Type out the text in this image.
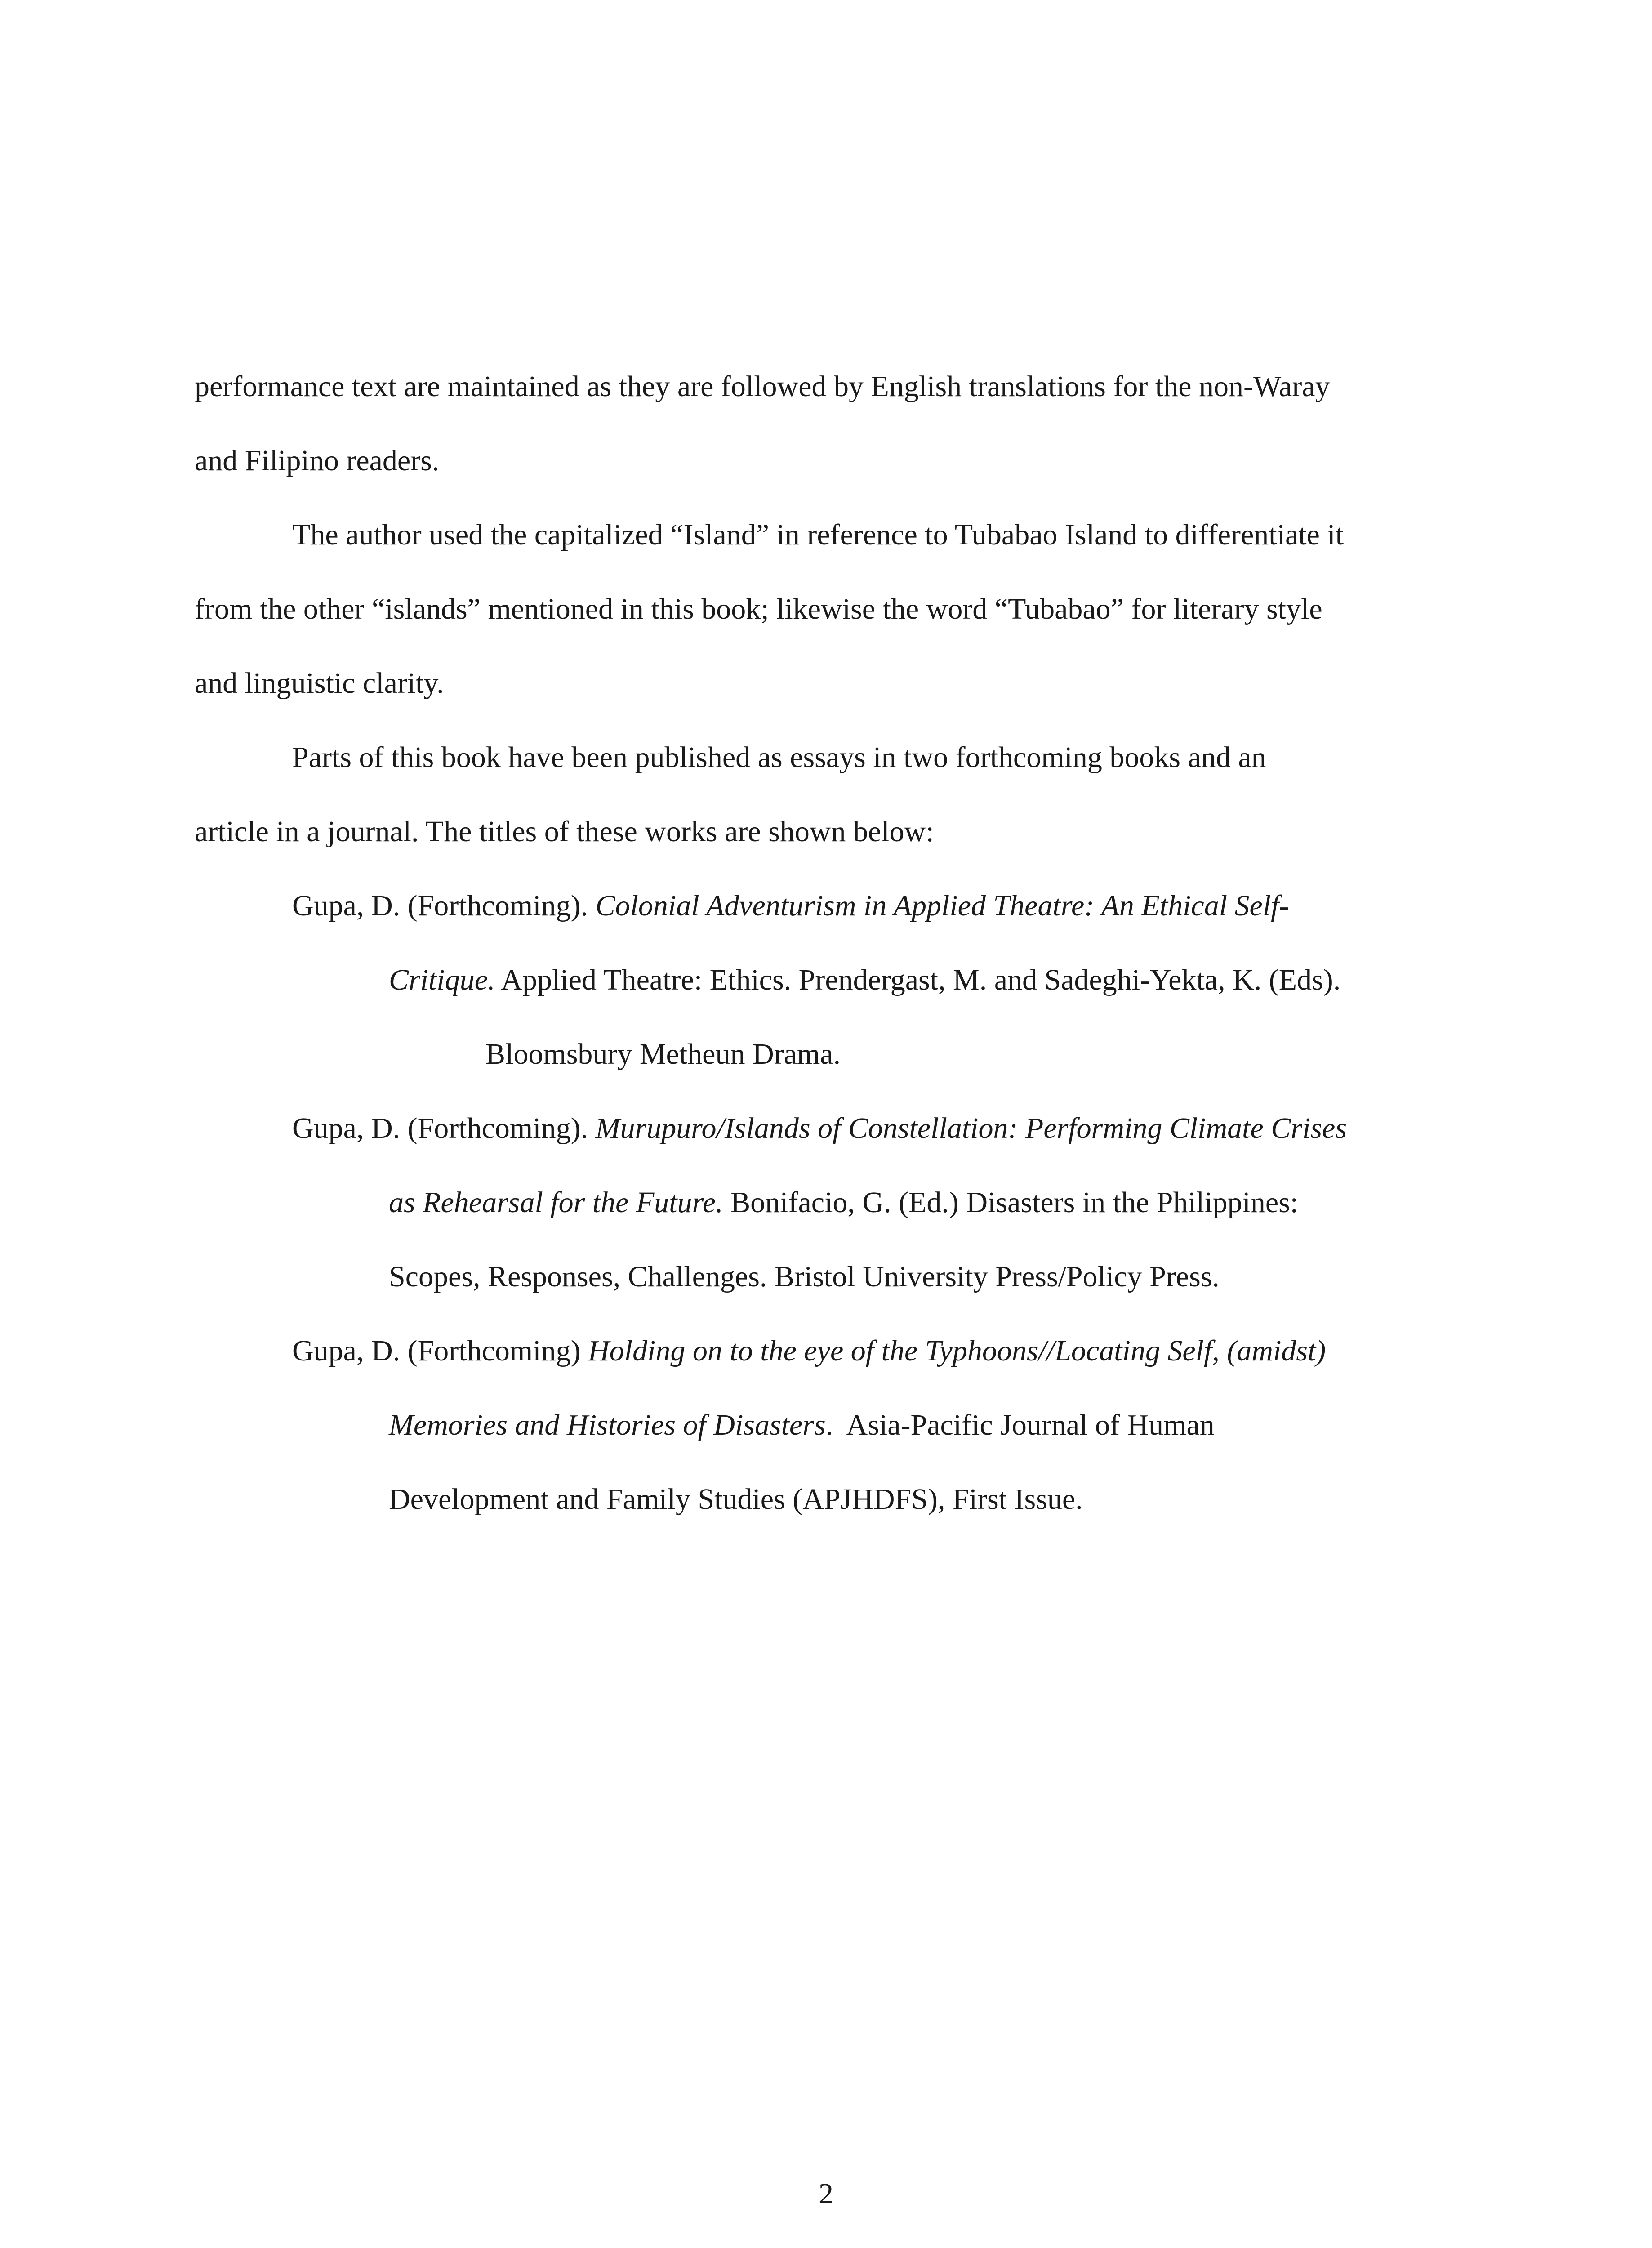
performance text are maintained as they are followed by English translations for the non-Waray

and Filipino readers.

The author used the capitalized “Island” in reference to Tubabao Island to differentiate it

from the other “islands” mentioned in this book; likewise the word “Tubabao” for literary style

and linguistic clarity.

Parts of this book have been published as essays in two forthcoming books and an

article in a journal. The titles of these works are shown below:

Gupa, D. (Forthcoming). Colonial Adventurism in Applied Theatre: An Ethical Self-

Critique. Applied Theatre: Ethics. Prendergast, M. and Sadeghi-Yekta, K. (Eds).

Bloomsbury Metheun Drama.

Gupa, D. (Forthcoming). Murupuro/Islands of Constellation: Performing Climate Crises

as Rehearsal for the Future. Bonifacio, G. (Ed.) Disasters in the Philippines:

Scopes, Responses, Challenges. Bristol University Press/Policy Press.

Gupa, D. (Forthcoming) Holding on to the eye of the Typhoons//Locating Self, (amidst)

Memories and Histories of Disasters.  Asia-Pacific Journal of Human

Development and Family Studies (APJHDFS), First Issue.

2
